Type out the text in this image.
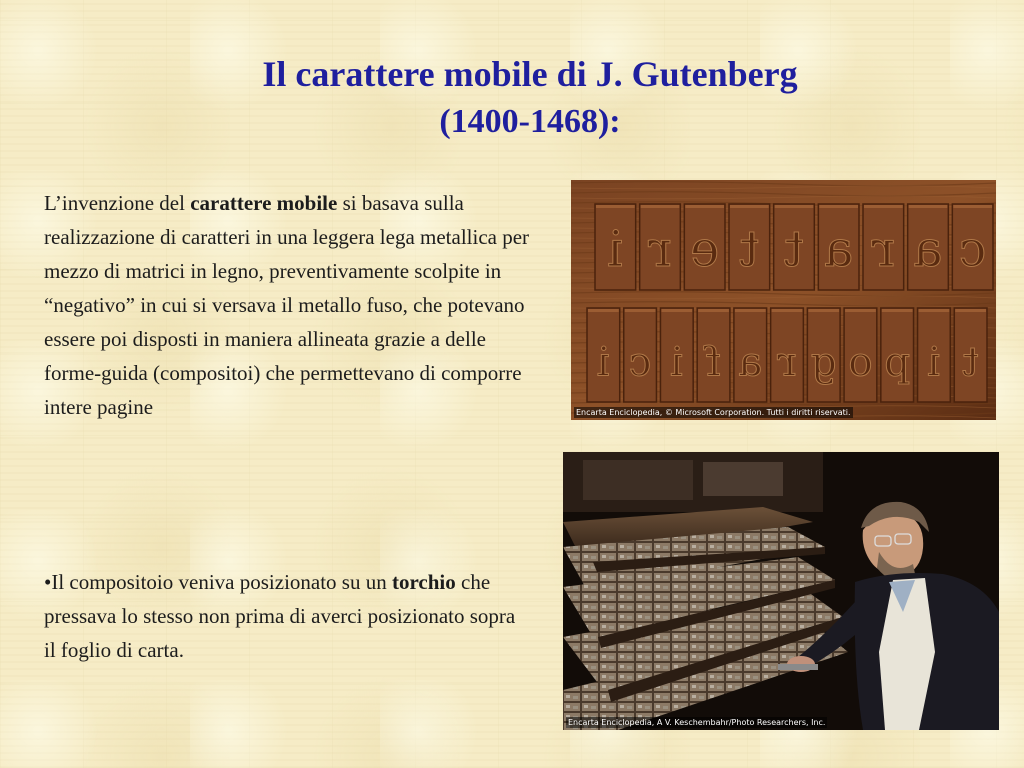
Il carattere mobile di J. Gutenberg
(1400-1468):
L’invenzione del carattere mobile si basava sulla realizzazione di caratteri in una leggera lega metallica per mezzo di matrici in legno, preventivamente scolpite in “negativo” in cui si versava il metallo fuso, che potevano essere poi disposti in maniera allineata grazie a delle forme-guida (compositoi) che permettevano di comporre intere pagine
•Il compositoio veniva posizionato su un torchio che pressava lo stesso non prima di averci posizionato sopra il foglio di carta.
i r e t t a r a c
i c i f a r g o p i t
Encarta Enciclopedia, © Microsoft Corporation. Tutti i diritti riservati.
Encarta Enciclopedia, A V. Keschembahr/Photo Researchers, Inc.
